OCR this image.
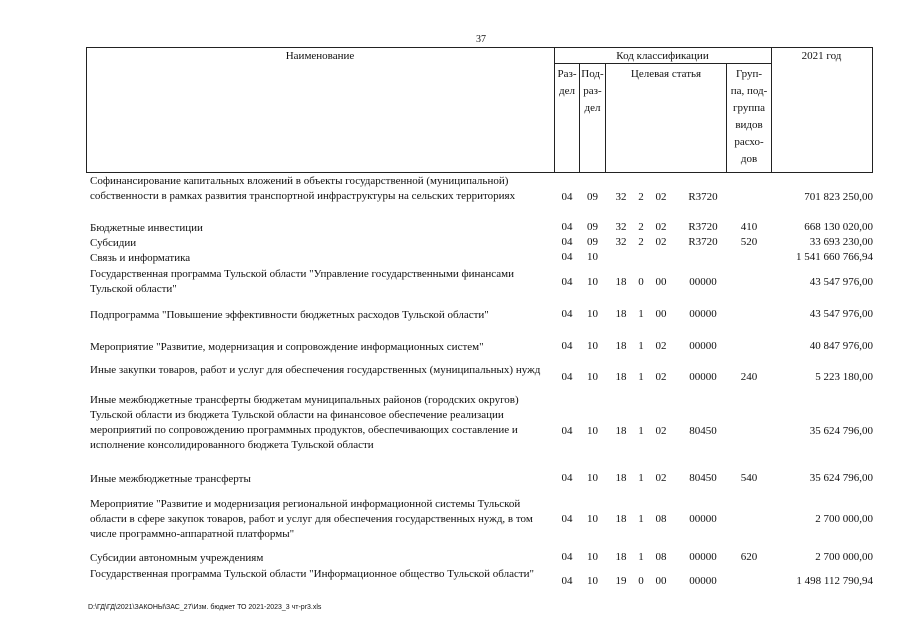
37
Наименование	Код классификации	2021 год
Раз-
дел
Под-
раз-
дел
Целевая статья	Груп-
па, под-
группа
видов
расхо-
дов
Софинансирование капитальных вложений в объекты государственной (муниципальной) собственности в рамках развития транспортной инфраструктуры на сельских территориях	04	09	32	2	02	R3720	701 823 250,00
Бюджетные инвестиции	04	09	32	2	02	R3720	410	668 130 020,00
Субсидии	04	09	32	2	02	R3720	520	33 693 230,00
Связь и информатика	04	10	1 541 660 766,94
Государственная программа Тульской области "Управление государственными финансами Тульской области"
04	10	18	0	00	00000	43 547 976,00
Подпрограмма "Повышение эффективности бюджетных расходов Тульской области"	04	10	18	1	00	00000	43 547 976,00
Мероприятие "Развитие, модернизация и сопровождение информационных систем"	04	10	18	1	02	00000	40 847 976,00
Иные закупки товаров, работ и услуг для обеспечения государственных (муниципальных) нужд
04	10	18	1	02	00000	240	5 223 180,00
Иные межбюджетные трансферты бюджетам муниципальных районов (городских округов) Тульской области из бюджета Тульской области на финансовое обеспечение реализации мероприятий по сопровождению программных продуктов, обеспечивающих составление и исполнение консолидированного бюджета Тульской области
04	10	18	1	02	80450	35 624 796,00
Иные межбюджетные трансферты	04	10	18	1	02	80450	540	35 624 796,00
Мероприятие "Развитие и модернизация региональной информационной системы Тульской области в сфере закупок товаров, работ и услуг для обеспечения государственных нужд, в том числе программно-аппаратной платформы"
04	10	18	1	08	00000	2 700 000,00
Субсидии автономным учреждениям	04	10	18	1	08	00000	620	2 700 000,00
Государственная программа Тульской области "Информационное общество Тульской области"
04	10	19	0	00	00000	1 498 112 790,94
D:\ГД\ГД\2021\ЗАКОНЫ\ЗАС_27\Изм. бюджет ТО 2021-2023_3 чт-pr3.xls
